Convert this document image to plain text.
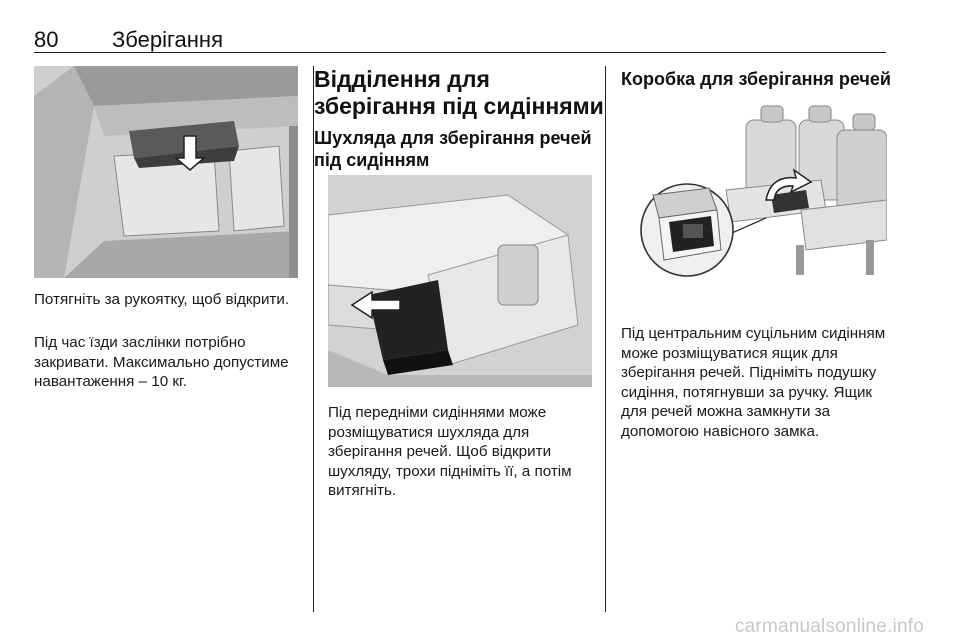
80 Зберігання

Потягніть за рукоятку, щоб відкрити.

Під час їзди заслінки потрібно закривати. Максимально допустиме навантаження – 10 кг.

Відділення для зберігання під сидіннями
Шухляда для зберігання речей під сидінням

Під передніми сидіннями може розміщуватися шухляда для зберігання речей. Щоб відкрити шухляду, трохи підніміть її, а потім витягніть.

Коробка для зберігання речей

Під центральним суцільним сидінням може розміщуватися ящик для зберігання речей. Підніміть подушку сидіння, потягнувши за ручку. Ящик для речей можна замкнути за допомогою навісного замка.

carmanualsonline.info
